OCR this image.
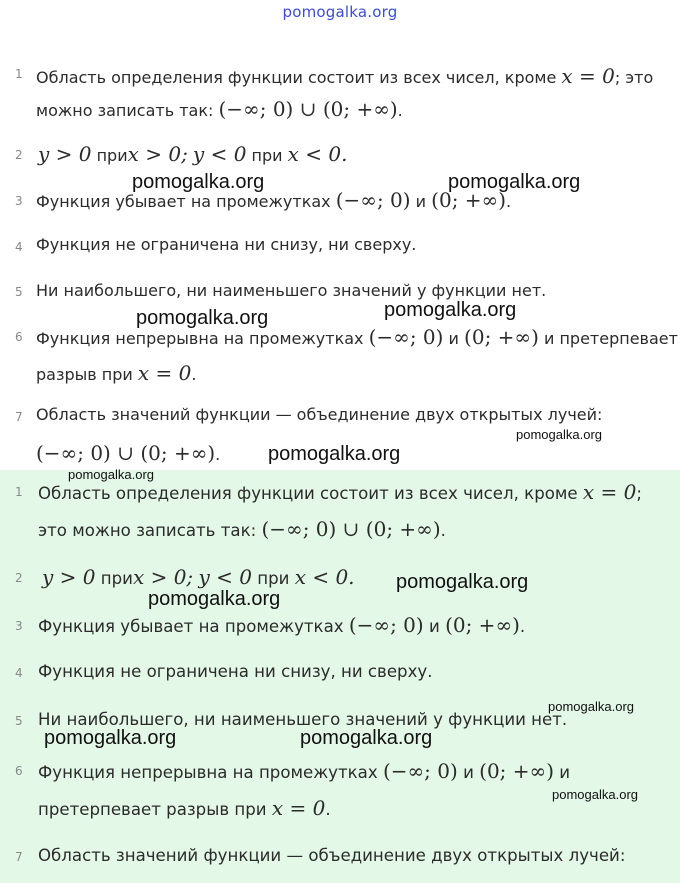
pomogalka.org
1 Область определения функции состоит из всех чисел, кроме x = 0; это
можно записать так: (−∞; 0) ∪ (0; +∞).
2 y > 0 приx > 0; y < 0 при x < 0.
3 Функция убывает на промежутках (−∞; 0) и (0; +∞).
4 Функция не ограничена ни снизу, ни сверху.
5 Ни наибольшего, ни наименьшего значений у функции нет.
6 Функция непрерывна на промежутках (−∞; 0) и (0; +∞) и претерпевает
разрыв при x = 0.
7 Область значений функции — объединение двух открытых лучей:
(−∞; 0) ∪ (0; +∞).
1 Область определения функции состоит из всех чисел, кроме x = 0;
это можно записать так: (−∞; 0) ∪ (0; +∞).
2 y > 0 приx > 0; y < 0 при x < 0.
3 Функция убывает на промежутках (−∞; 0) и (0; +∞).
4 Функция не ограничена ни снизу, ни сверху.
5 Ни наибольшего, ни наименьшего значений у функции нет.
6 Функция непрерывна на промежутках (−∞; 0) и (0; +∞) и
претерпевает разрыв при x = 0.
7 Область значений функции — объединение двух открытых лучей:
pomogalka.org	pomogalka.org
pomogalka.org
pomogalka.org
pomogalka.org
pomogalka.org
pomogalka.org
pomogalka.org
pomogalka.org
pomogalka.org
pomogalka.org	pomogalka.org
pomogalka.org
